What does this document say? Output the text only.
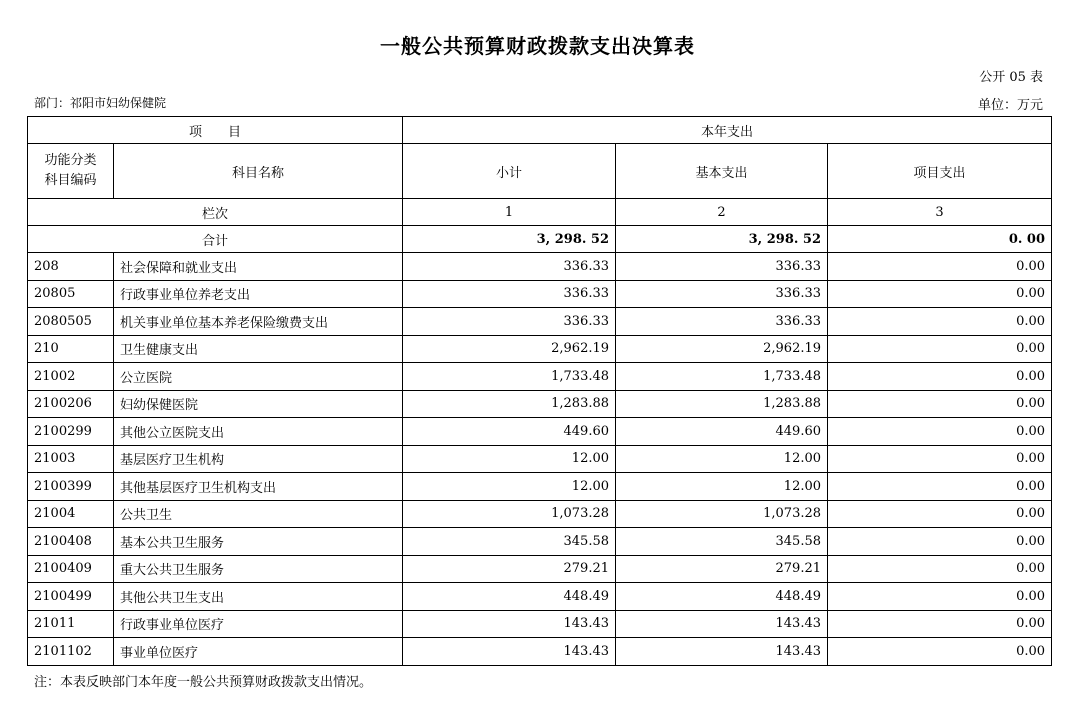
一般公共预算财政拨款支出决算表
公开 05 表
部门：祁阳市妇幼保健院	单位：万元
项　　目		本年支出		

功能分类
科目编码	科目名称	小计	基本支出	项目支出
栏次		1	2	3
合计		3, 298. 52	3, 298. 52	0. 00
208	社会保障和就业支出	336.33	336.33	0.00
20805	行政事业单位养老支出	336.33	336.33	0.00
2080505	机关事业单位基本养老保险缴费支出	336.33	336.33	0.00
210	卫生健康支出	2,962.19	2,962.19	0.00
21002	公立医院	1,733.48	1,733.48	0.00
2100206	妇幼保健医院	1,283.88	1,283.88	0.00
2100299	其他公立医院支出	449.60	449.60	0.00
21003	基层医疗卫生机构	12.00	12.00	0.00
2100399	其他基层医疗卫生机构支出	12.00	12.00	0.00
21004	公共卫生	1,073.28	1,073.28	0.00
2100408	基本公共卫生服务	345.58	345.58	0.00
2100409	重大公共卫生服务	279.21	279.21	0.00
2100499	其他公共卫生支出	448.49	448.49	0.00
21011	行政事业单位医疗	143.43	143.43	0.00
2101102	事业单位医疗	143.43	143.43	0.00
注：本表反映部门本年度一般公共预算财政拨款支出情况。
